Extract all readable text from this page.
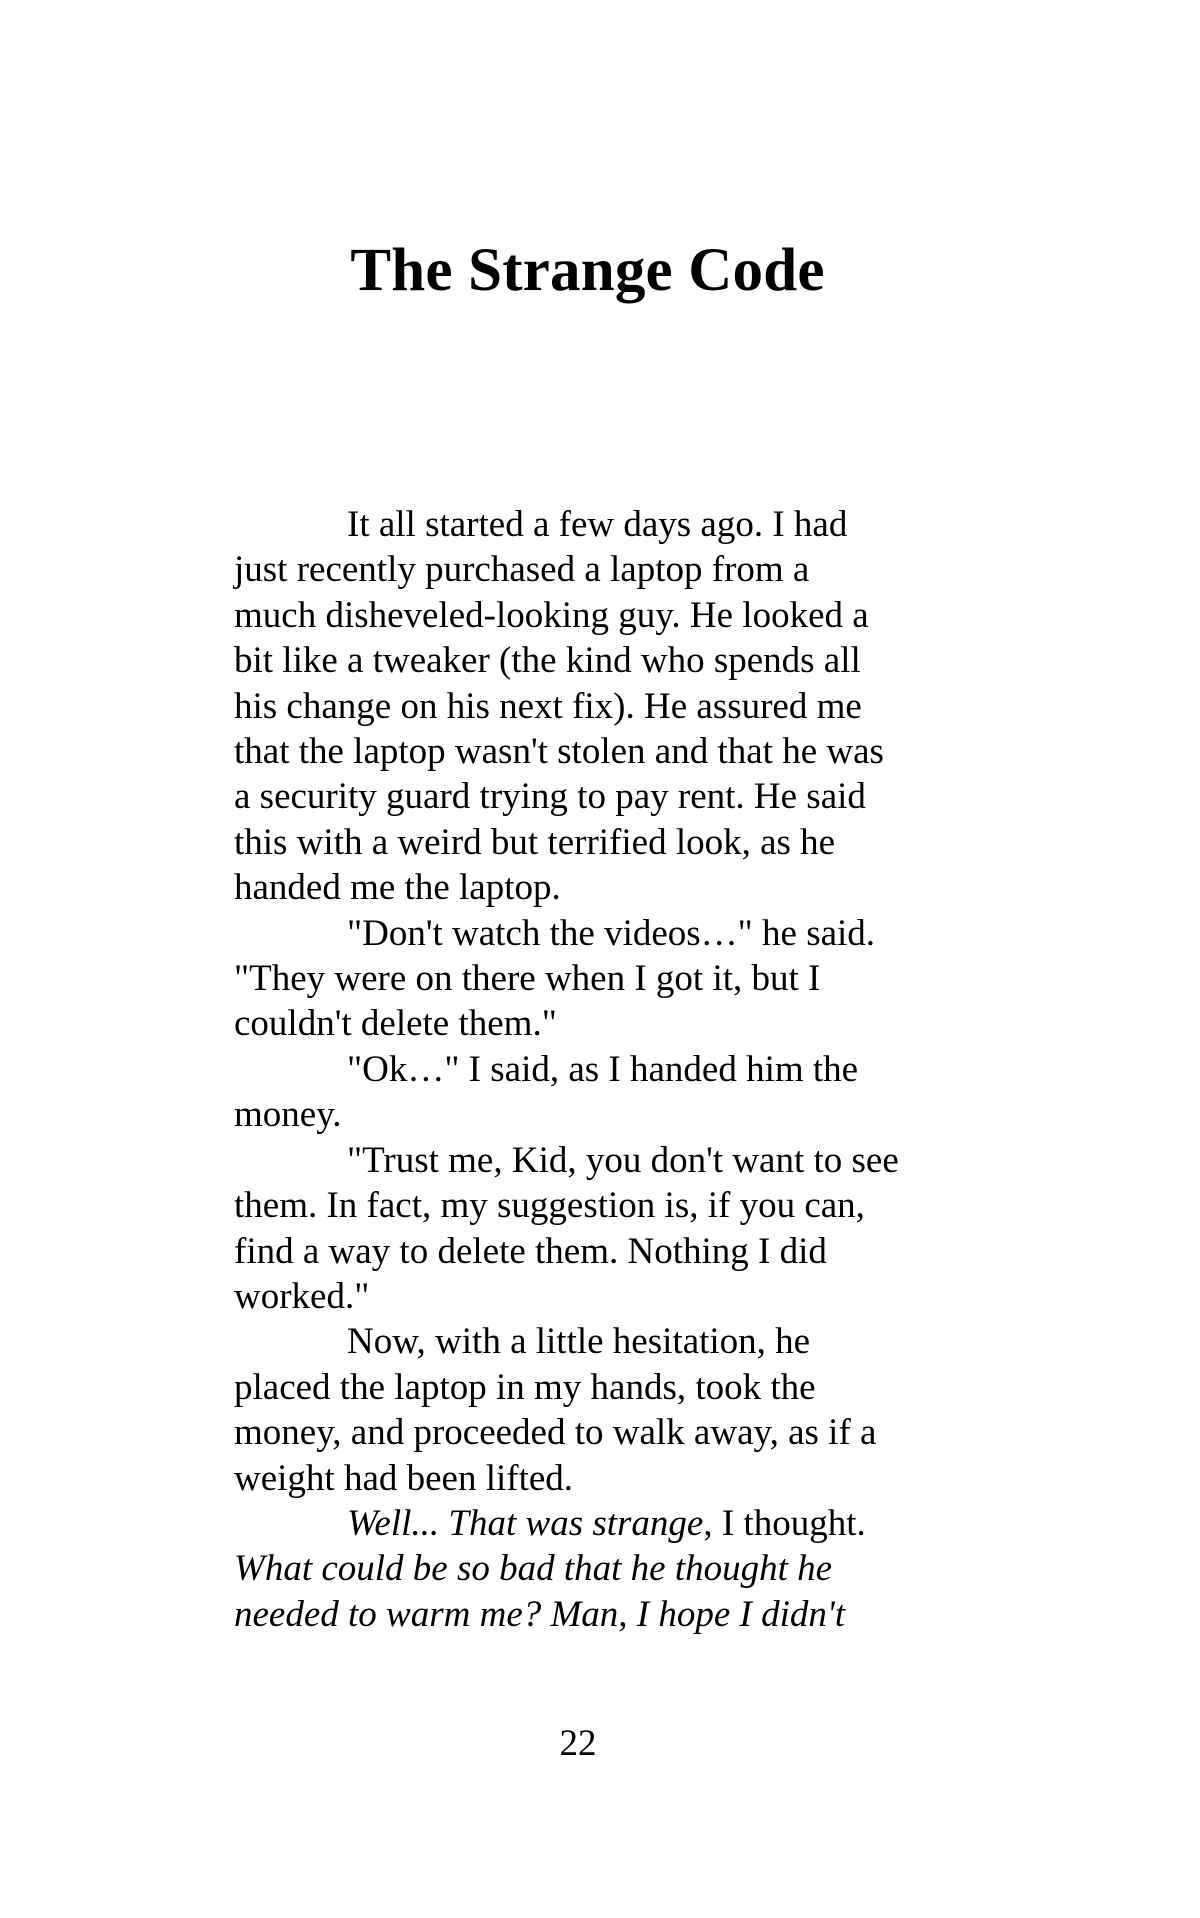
The Strange Code
It all started a few days ago. I had
just recently purchased a laptop from a
much disheveled-looking guy. He looked a
bit like a tweaker (the kind who spends all
his change on his next fix). He assured me
that the laptop wasn't stolen and that he was
a security guard trying to pay rent. He said
this with a weird but terrified look, as he
handed me the laptop.
"Don't watch the videos…" he said.
"They were on there when I got it, but I
couldn't delete them."
"Ok…" I said, as I handed him the
money.
"Trust me, Kid, you don't want to see
them. In fact, my suggestion is, if you can,
find a way to delete them. Nothing I did
worked."
Now, with a little hesitation, he
placed the laptop in my hands, took the
money, and proceeded to walk away, as if a
weight had been lifted.
Well... That was strange, I thought.
What could be so bad that he thought he
needed to warm me? Man, I hope I didn't
22
